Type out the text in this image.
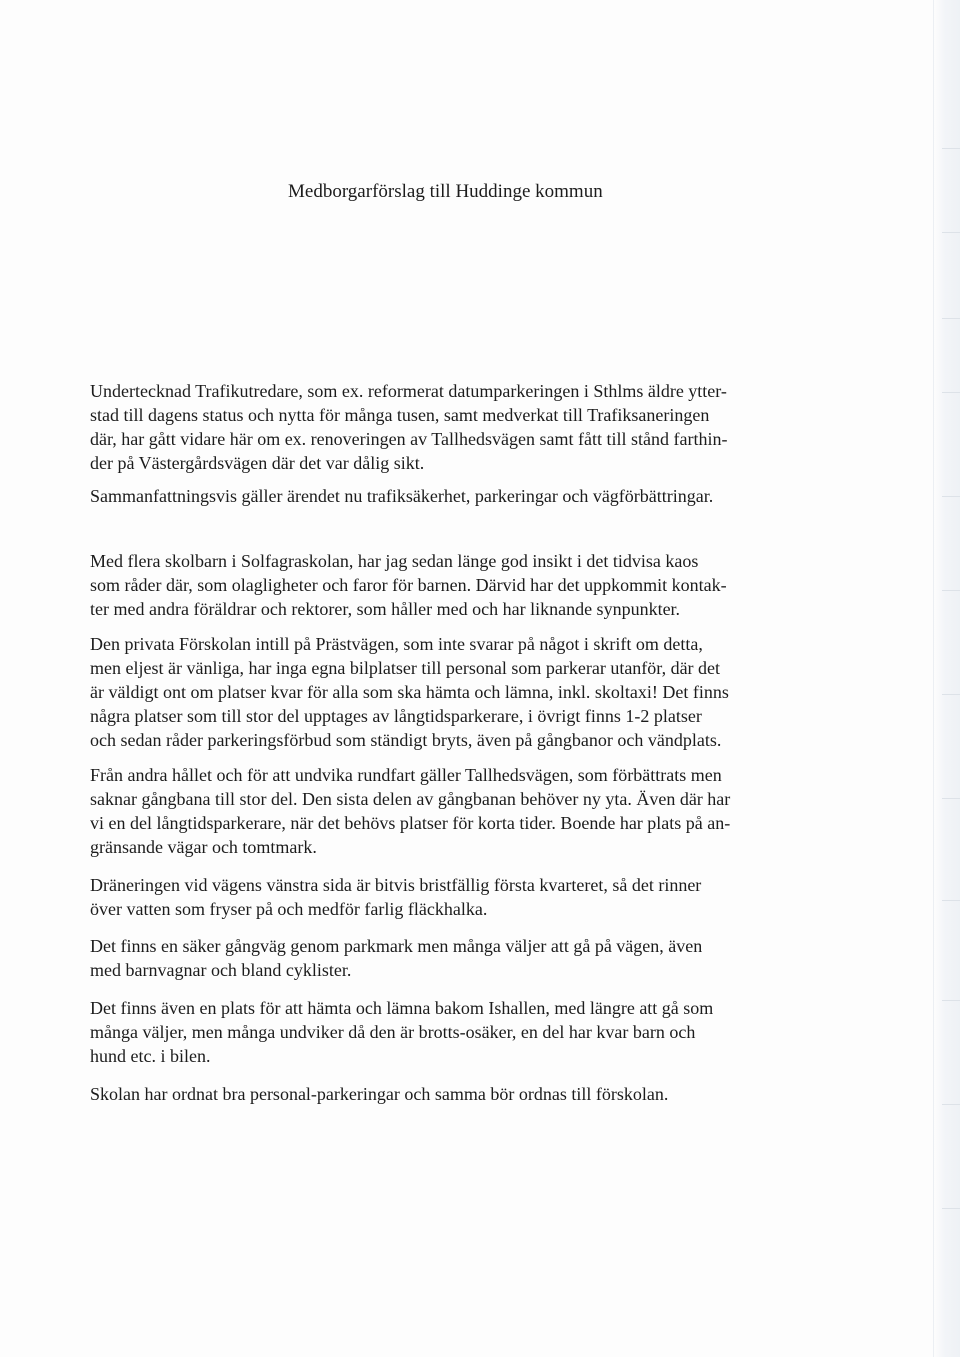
Medborgarförslag till Huddinge kommun

Undertecknad Trafikutredare, som ex. reformerat datumparkeringen i Sthlms äldre ytter-
stad till dagens status och nytta för många tusen, samt medverkat till Trafiksaneringen
där, har gått vidare här om ex. renoveringen av Tallhedsvägen samt fått till stånd farthin-
der på Västergårdsvägen där det var dålig sikt.

Sammanfattningsvis gäller ärendet nu trafiksäkerhet, parkeringar och vägförbättringar.

Med flera skolbarn i Solfagraskolan, har jag sedan länge god insikt i det tidvisa kaos
som råder där, som olagligheter och faror för barnen. Därvid har det uppkommit kontak-
ter med andra föräldrar och rektorer, som håller med och har liknande synpunkter.

Den privata Förskolan intill på Prästvägen, som inte svarar på något i skrift om detta,
men eljest är vänliga, har inga egna bilplatser till personal som parkerar utanför, där det
är väldigt ont om platser kvar för alla som ska hämta och lämna, inkl. skoltaxi! Det finns
några platser som till stor del upptages av långtidsparkerare, i övrigt finns 1-2 platser
och sedan råder parkeringsförbud som ständigt bryts, även på gångbanor och vändplats.

Från andra hållet och för att undvika rundfart gäller Tallhedsvägen, som förbättrats men
saknar gångbana till stor del. Den sista delen av gångbanan behöver ny yta. Även där har
vi en del långtidsparkerare, när det behövs platser för korta tider. Boende har plats på an-
gränsande vägar och tomtmark.

Dräneringen vid vägens vänstra sida är bitvis bristfällig första kvarteret, så det rinner
över vatten som fryser på och medför farlig fläckhalka.

Det finns en säker gångväg genom parkmark men många väljer att gå på vägen, även
med barnvagnar och bland cyklister.

Det finns även en plats för att hämta och lämna bakom Ishallen, med längre att gå som
många väljer, men många undviker då den är brotts-osäker, en del har kvar barn och
hund etc. i bilen.

Skolan har ordnat bra personal-parkeringar och samma bör ordnas till förskolan.
